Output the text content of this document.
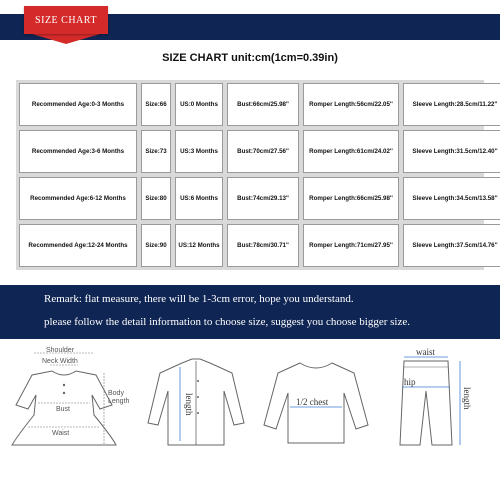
SIZE CHART
SIZE CHART unit:cm(1cm=0.39in)
Recommended Age:0-3 Months	Size:66	US:0 Months	Bust:66cm/25.98''	Romper Length:56cm/22.05''	Sleeve Length:28.5cm/11.22''
Recommended Age:3-6 Months	Size:73	US:3 Months	Bust:70cm/27.56''	Romper Length:61cm/24.02''	Sleeve Length:31.5cm/12.40''
Recommended Age:6-12 Months	Size:80	US:6 Months	Bust:74cm/29.13''	Romper Length:66cm/25.98''	Sleeve Length:34.5cm/13.58''
Recommended Age:12-24 Months	Size:90	US:12 Months	Bust:78cm/30.71''	Romper Length:71cm/27.95''	Sleeve Length:37.5cm/14.76''
Remark: flat measure, there will be 1-3cm error, hope you understand.
please follow the detail information to choose size, suggest you choose bigger size.
Shoulder
Neck Width
Bust
Waist
Body
Length	length	1/2 chest
waist
hip
length
